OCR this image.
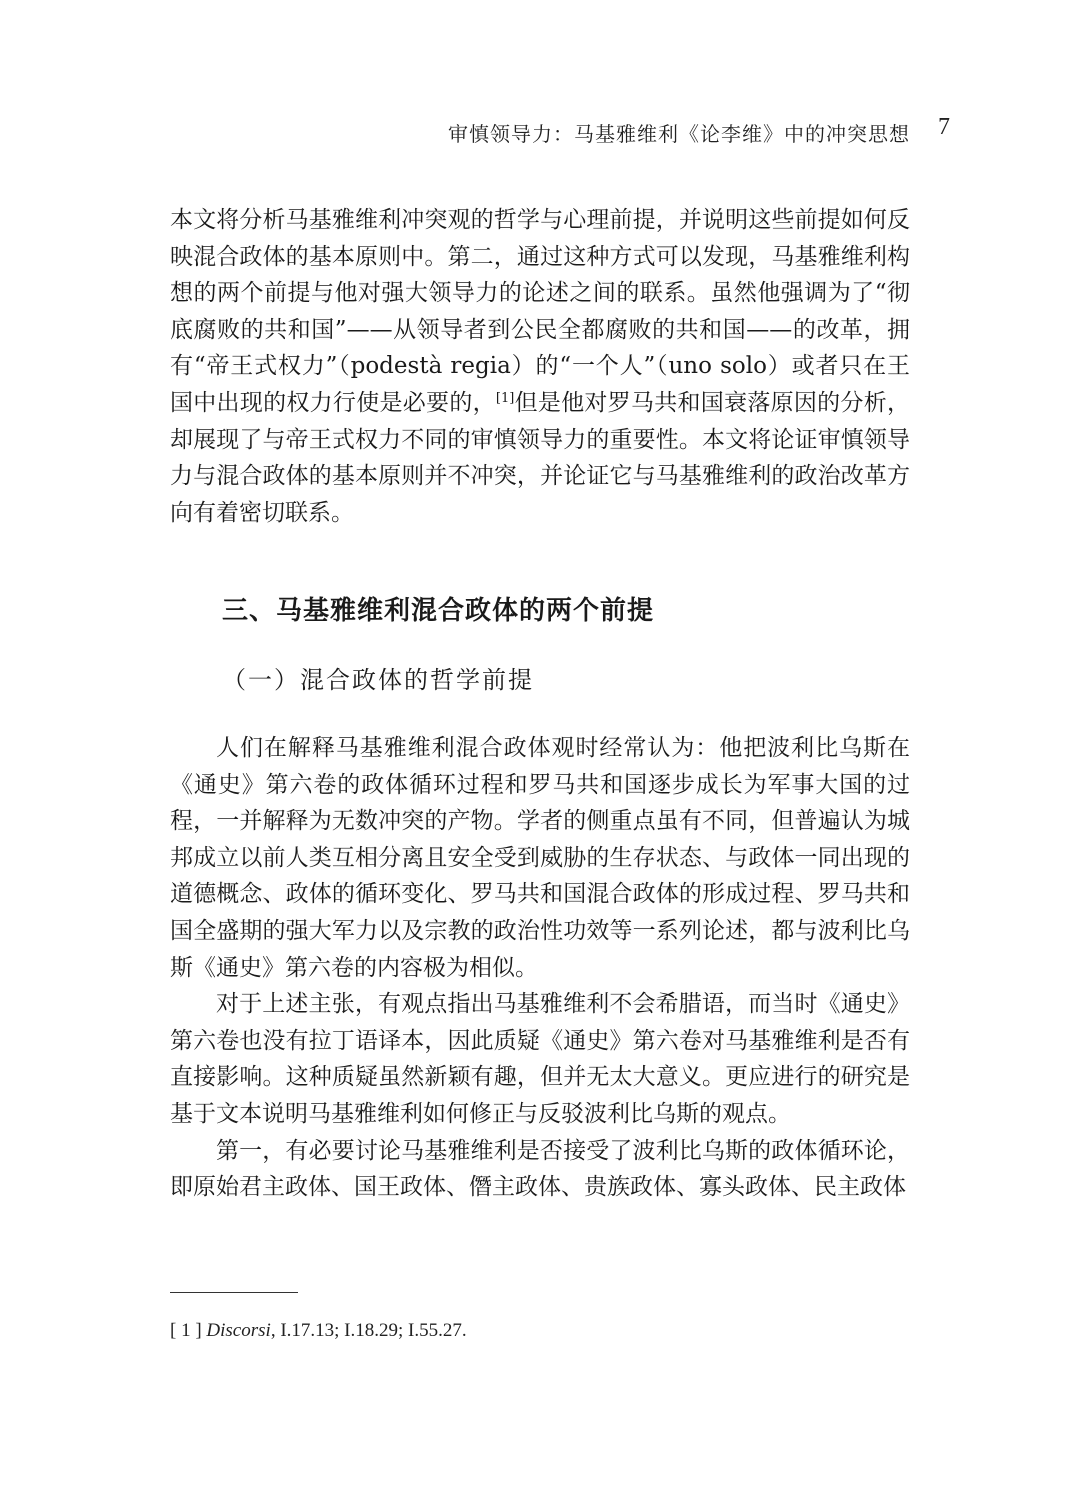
审慎领导力：马基雅维利《论李维》中的冲突思想 7

本文将分析马基雅维利冲突观的哲学与心理前提，并说明这些前提如何反映混合政体的基本原则中。第二，通过这种方式可以发现，马基雅维利构想的两个前提与他对强大领导力的论述之间的联系。虽然他强调为了“彻底腐败的共和国”——从领导者到公民全都腐败的共和国——的改革，拥有“帝王式权力”（podestà regia）的“一个人”（uno solo）或者只在王国中出现的权力行使是必要的，[1]但是他对罗马共和国衰落原因的分析，却展现了与帝王式权力不同的审慎领导力的重要性。本文将论证审慎领导力与混合政体的基本原则并不冲突，并论证它与马基雅维利的政治改革方向有着密切联系。

三、马基雅维利混合政体的两个前提
（一）混合政体的哲学前提

人们在解释马基雅维利混合政体观时经常认为：他把波利比乌斯在《通史》第六卷的政体循环过程和罗马共和国逐步成长为军事大国的过程，一并解释为无数冲突的产物。学者的侧重点虽有不同，但普遍认为城邦成立以前人类互相分离且安全受到威胁的生存状态、与政体一同出现的道德概念、政体的循环变化、罗马共和国混合政体的形成过程、罗马共和国全盛期的强大军力以及宗教的政治性功效等一系列论述，都与波利比乌斯《通史》第六卷的内容极为相似。

对于上述主张，有观点指出马基雅维利不会希腊语，而当时《通史》第六卷也没有拉丁语译本，因此质疑《通史》第六卷对马基雅维利是否有直接影响。这种质疑虽然新颖有趣，但并无太大意义。更应进行的研究是基于文本说明马基雅维利如何修正与反驳波利比乌斯的观点。

第一，有必要讨论马基雅维利是否接受了波利比乌斯的政体循环论，即原始君主政体、国王政体、僭主政体、贵族政体、寡头政体、民主政体

[ 1 ] Discorsi, I.17.13; I.18.29; I.55.27.
